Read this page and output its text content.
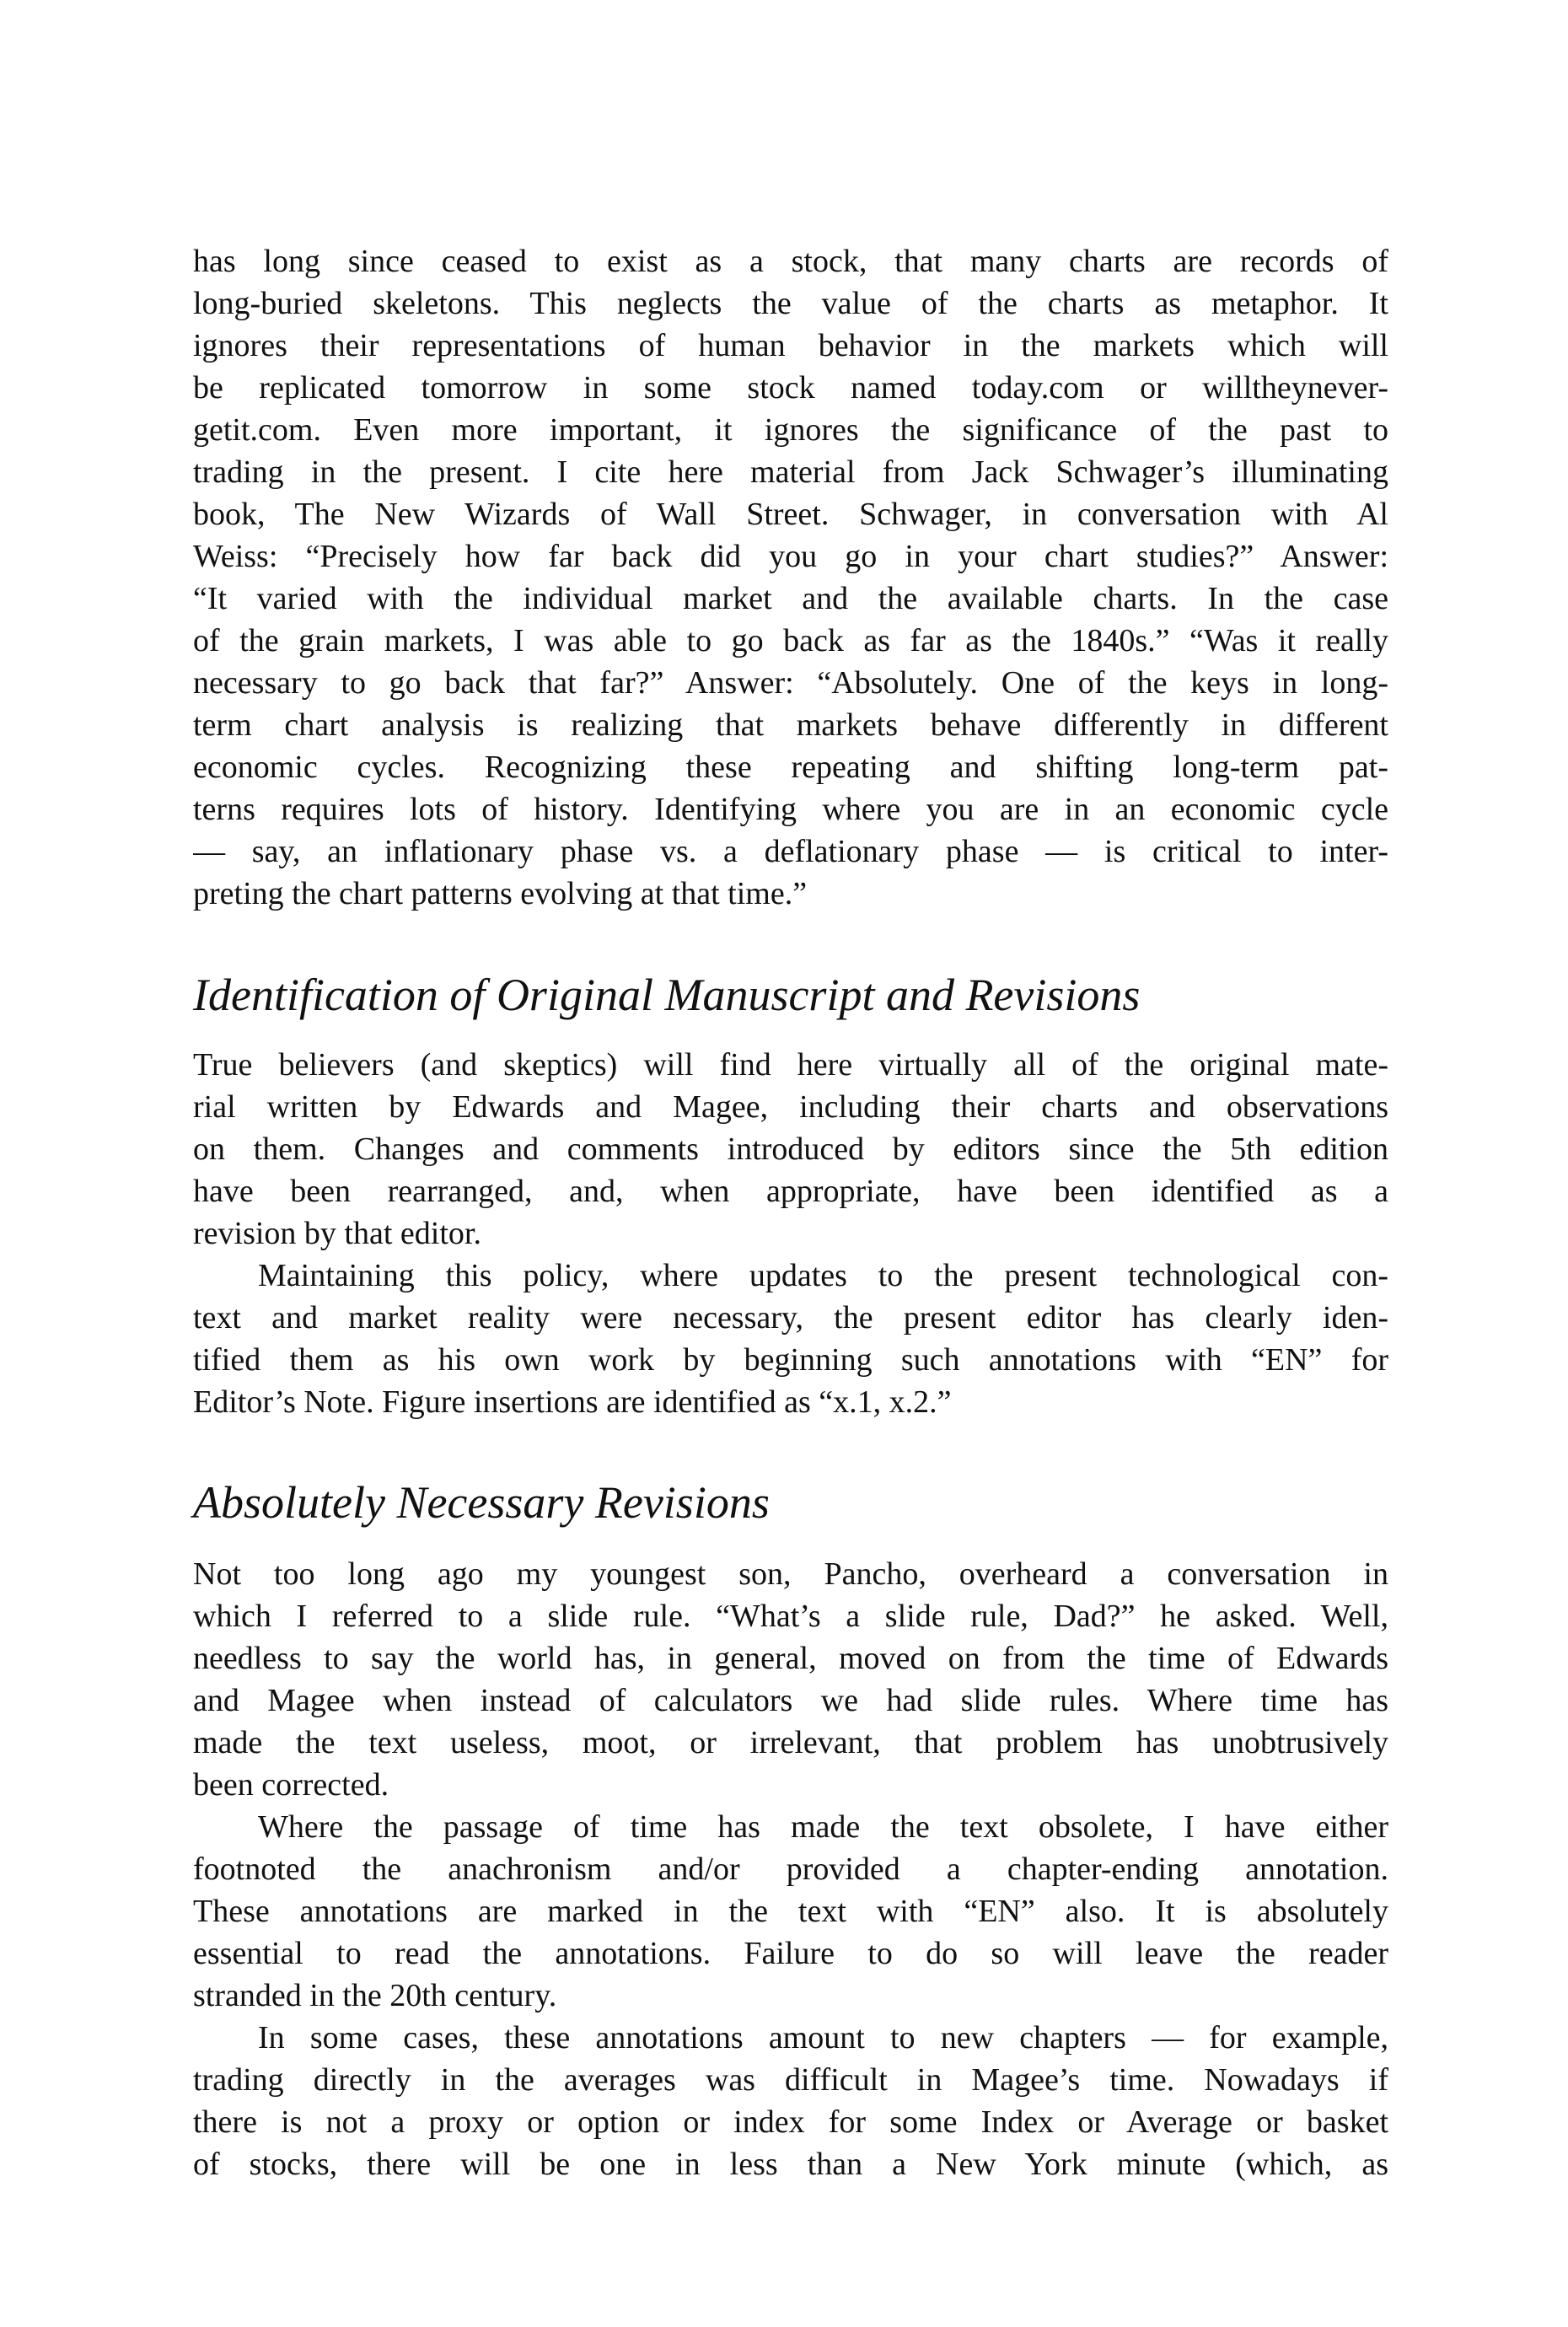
has long since ceased to exist as a stock, that many charts are records of
long-buried skeletons. This neglects the value of the charts as metaphor. It
ignores their representations of human behavior in the markets which will
be replicated tomorrow in some stock named today.com or willtheynever-
getit.com. Even more important, it ignores the significance of the past to
trading in the present. I cite here material from Jack Schwager’s illuminating
book, The New Wizards of Wall Street. Schwager, in conversation with Al
Weiss: “Precisely how far back did you go in your chart studies?” Answer:
“It varied with the individual market and the available charts. In the case
of the grain markets, I was able to go back as far as the 1840s.” “Was it really
necessary to go back that far?” Answer: “Absolutely. One of the keys in long-
term chart analysis is realizing that markets behave differently in different
economic cycles. Recognizing these repeating and shifting long-term pat-
terns requires lots of history. Identifying where you are in an economic cycle
— say, an inflationary phase vs. a deflationary phase — is critical to inter-
preting the chart patterns evolving at that time.”
Identification of Original Manuscript and Revisions
True believers (and skeptics) will find here virtually all of the original mate-
rial written by Edwards and Magee, including their charts and observations
on them. Changes and comments introduced by editors since the 5th edition
have been rearranged, and, when appropriate, have been identified as a
revision by that editor.
Maintaining this policy, where updates to the present technological con-
text and market reality were necessary, the present editor has clearly iden-
tified them as his own work by beginning such annotations with “EN” for
Editor’s Note. Figure insertions are identified as “x.1, x.2.”
Absolutely Necessary Revisions
Not too long ago my youngest son, Pancho, overheard a conversation in
which I referred to a slide rule. “What’s a slide rule, Dad?” he asked. Well,
needless to say the world has, in general, moved on from the time of Edwards
and Magee when instead of calculators we had slide rules. Where time has
made the text useless, moot, or irrelevant, that problem has unobtrusively
been corrected.
Where the passage of time has made the text obsolete, I have either
footnoted the anachronism and/or provided a chapter-ending annotation.
These annotations are marked in the text with “EN” also. It is absolutely
essential to read the annotations. Failure to do so will leave the reader
stranded in the 20th century.
In some cases, these annotations amount to new chapters — for example,
trading directly in the averages was difficult in Magee’s time. Nowadays if
there is not a proxy or option or index for some Index or Average or basket
of stocks, there will be one in less than a New York minute (which, as
